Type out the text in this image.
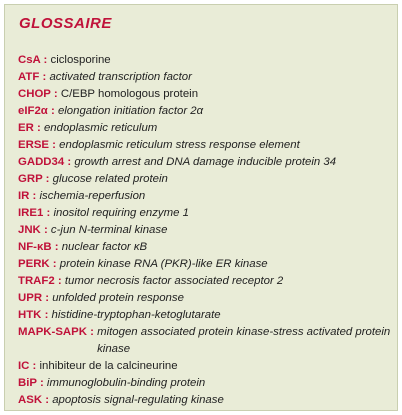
GLOSSAIRE
CsA :
ciclosporine
ATF :
activated transcription factor
CHOP :
C/EBP homologous protein
eIF2α :
elongation initiation factor 2α
ER :
endoplasmic reticulum
ERSE :
endoplasmic reticulum stress response element
GADD34 :
growth arrest and DNA damage inducible protein 34
GRP :
glucose related protein
IR :
ischemia-reperfusion
IRE1 :
inositol requiring enzyme 1
JNK :
c-jun N-terminal kinase
NF-κB :
nuclear factor κB
PERK :
protein kinase RNA (PKR)-like ER kinase
TRAF2 :
tumor necrosis factor associated receptor 2
UPR :
unfolded protein response
HTK :
histidine-tryptophan-ketoglutarate
MAPK-SAPK :
mitogen associated protein kinase-stress activated protein kinase
IC :
inhibiteur de la calcineurine
BiP :
immunoglobulin-binding protein
ASK :
apoptosis signal-regulating kinase
